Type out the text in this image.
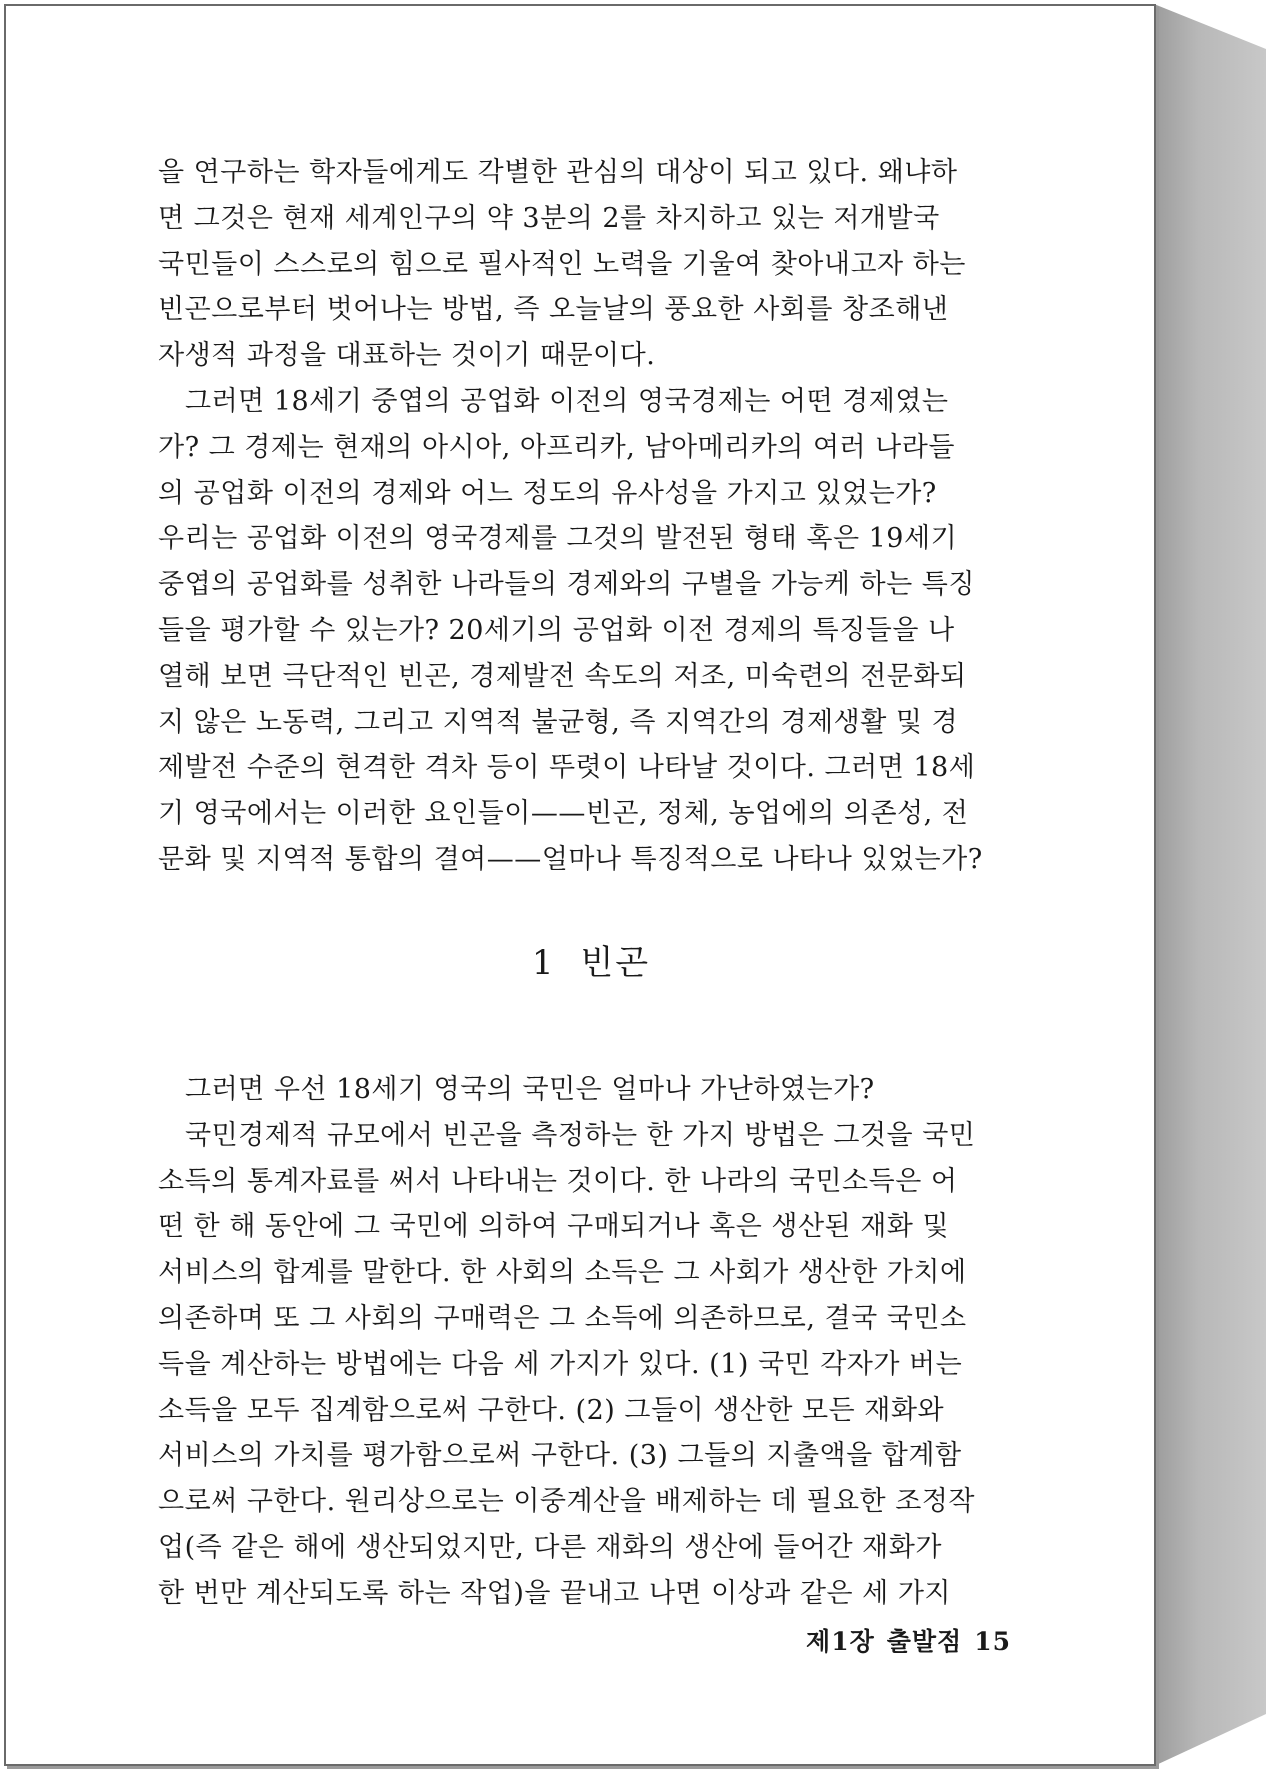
을 연구하는 학자들에게도 각별한 관심의 대상이 되고 있다. 왜냐하
면 그것은 현재 세계인구의 약 3분의 2를 차지하고 있는 저개발국
국민들이 스스로의 힘으로 필사적인 노력을 기울여 찾아내고자 하는
빈곤으로부터 벗어나는 방법, 즉 오늘날의 풍요한 사회를 창조해낸
자생적 과정을 대표하는 것이기 때문이다.

그러면 18세기 중엽의 공업화 이전의 영국경제는 어떤 경제였는
가? 그 경제는 현재의 아시아, 아프리카, 남아메리카의 여러 나라들
의 공업화 이전의 경제와 어느 정도의 유사성을 가지고 있었는가?
우리는 공업화 이전의 영국경제를 그것의 발전된 형태 혹은 19세기
중엽의 공업화를 성취한 나라들의 경제와의 구별을 가능케 하는 특징
들을 평가할 수 있는가? 20세기의 공업화 이전 경제의 특징들을 나
열해 보면 극단적인 빈곤, 경제발전 속도의 저조, 미숙련의 전문화되
지 않은 노동력, 그리고 지역적 불균형, 즉 지역간의 경제생활 및 경
제발전 수준의 현격한 격차 등이 뚜렷이 나타날 것이다. 그러면 18세
기 영국에서는 이러한 요인들이——빈곤, 정체, 농업에의 의존성, 전
문화 및 지역적 통합의 결여——얼마나 특징적으로 나타나 있었는가?

1 빈곤

그러면 우선 18세기 영국의 국민은 얼마나 가난하였는가?

국민경제적 규모에서 빈곤을 측정하는 한 가지 방법은 그것을 국민
소득의 통계자료를 써서 나타내는 것이다. 한 나라의 국민소득은 어
떤 한 해 동안에 그 국민에 의하여 구매되거나 혹은 생산된 재화 및
서비스의 합계를 말한다. 한 사회의 소득은 그 사회가 생산한 가치에
의존하며 또 그 사회의 구매력은 그 소득에 의존하므로, 결국 국민소
득을 계산하는 방법에는 다음 세 가지가 있다. (1) 국민 각자가 버는
소득을 모두 집계함으로써 구한다. (2) 그들이 생산한 모든 재화와
서비스의 가치를 평가함으로써 구한다. (3) 그들의 지출액을 합계함
으로써 구한다. 원리상으로는 이중계산을 배제하는 데 필요한 조정작
업(즉 같은 해에 생산되었지만, 다른 재화의 생산에 들어간 재화가
한 번만 계산되도록 하는 작업)을 끝내고 나면 이상과 같은 세 가지

제1장 출발점 15
